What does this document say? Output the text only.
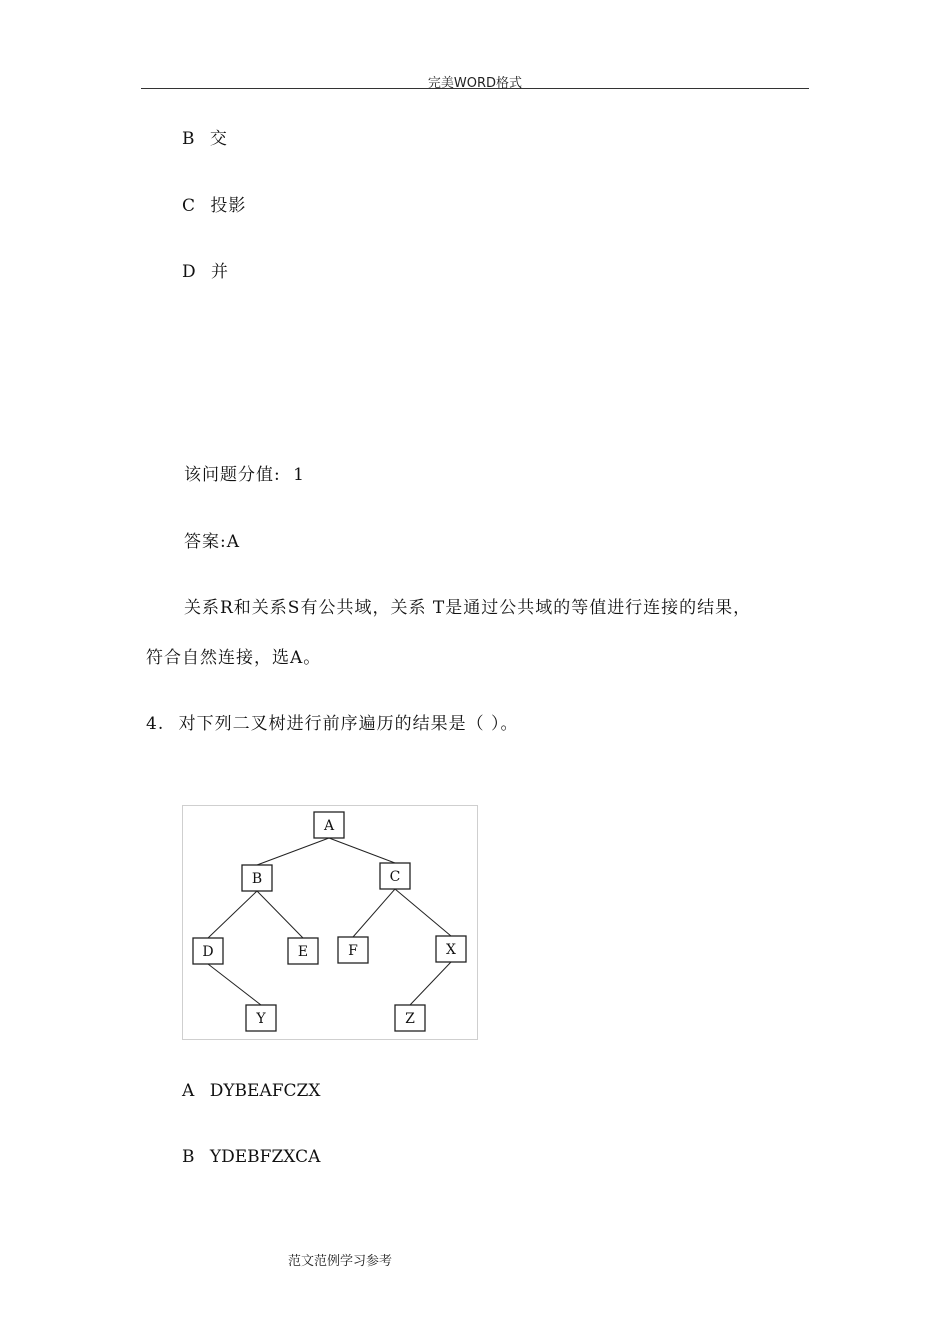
完美WORD格式
B 交
C 投影
D 并
该问题分值: 1
答案:A
关系R和关系S有公共域，关系 T是通过公共域的等值进行连接的结果，
符合自然连接，选A。
4. 对下列二叉树进行前序遍历的结果是（ ）。
A
B	C
D	E	F	X
Y	Z
A DYBEAFCZX
B YDEBFZXCA
范文范例学习参考
